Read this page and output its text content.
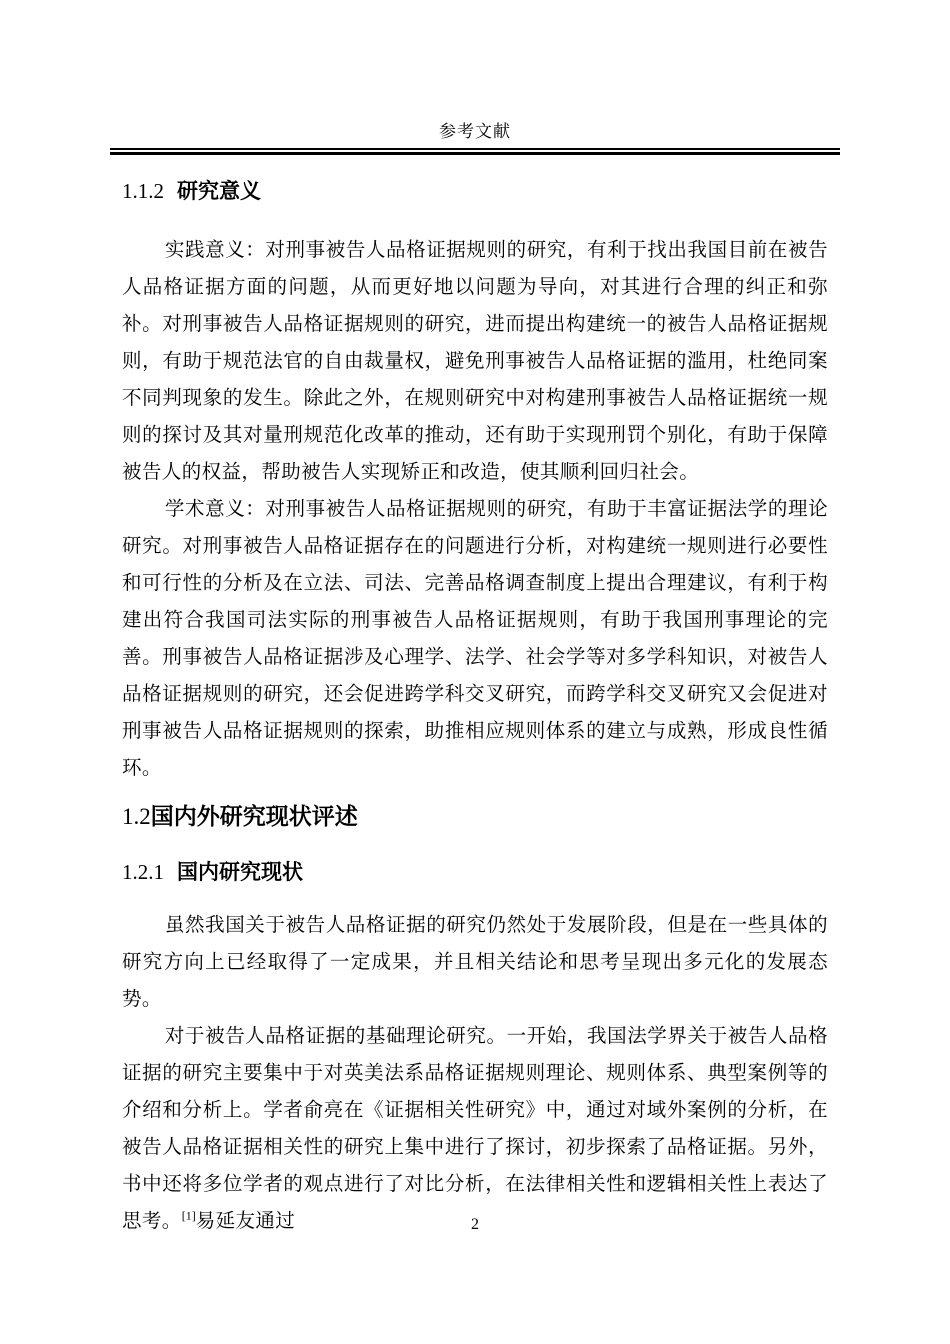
参考文献
1.1.2 研究意义

实践意义：对刑事被告人品格证据规则的研究，有利于找出我国目前在被告人品格证据方面的问题，从而更好地以问题为导向，对其进行合理的纠正和弥补。对刑事被告人品格证据规则的研究，进而提出构建统一的被告人品格证据规则，有助于规范法官的自由裁量权，避免刑事被告人品格证据的滥用，杜绝同案不同判现象的发生。除此之外，在规则研究中对构建刑事被告人品格证据统一规则的探讨及其对量刑规范化改革的推动，还有助于实现刑罚个别化，有助于保障被告人的权益，帮助被告人实现矫正和改造，使其顺利回归社会。

学术意义：对刑事被告人品格证据规则的研究，有助于丰富证据法学的理论研究。对刑事被告人品格证据存在的问题进行分析，对构建统一规则进行必要性和可行性的分析及在立法、司法、完善品格调查制度上提出合理建议，有利于构建出符合我国司法实际的刑事被告人品格证据规则，有助于我国刑事理论的完善。刑事被告人品格证据涉及心理学、法学、社会学等对多学科知识，对被告人品格证据规则的研究，还会促进跨学科交叉研究，而跨学科交叉研究又会促进对刑事被告人品格证据规则的探索，助推相应规则体系的建立与成熟，形成良性循环。

1.2国内外研究现状评述
1.2.1 国内研究现状

虽然我国关于被告人品格证据的研究仍然处于发展阶段，但是在一些具体的研究方向上已经取得了一定成果，并且相关结论和思考呈现出多元化的发展态势。

对于被告人品格证据的基础理论研究。一开始，我国法学界关于被告人品格证据的研究主要集中于对英美法系品格证据规则理论、规则体系、典型案例等的介绍和分析上。学者俞亮在《证据相关性研究》中，通过对域外案例的分析，在被告人品格证据相关性的研究上集中进行了探讨，初步探索了品格证据。另外，书中还将多位学者的观点进行了对比分析，在法律相关性和逻辑相关性上表达了思考。[1]易延友通过	2
